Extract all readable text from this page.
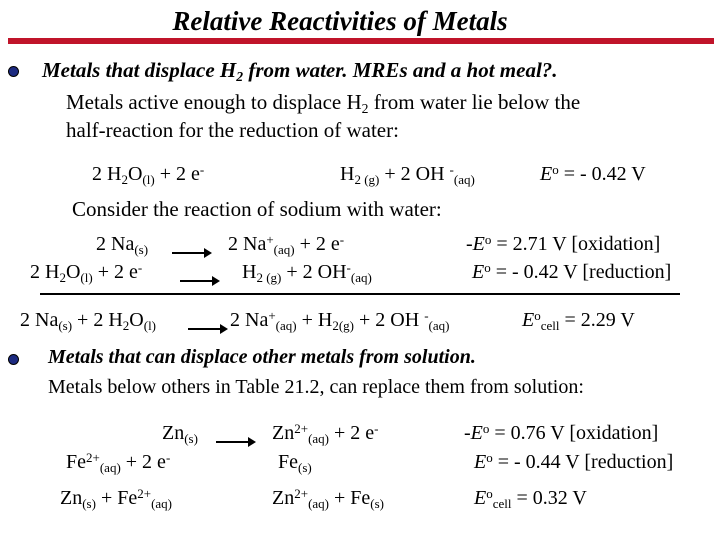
Relative Reactivities of Metals
Metals that displace $H_2$ from water. MREs and a hot meal?.
Metals active enough to displace $H_2$ from water lie below the
half-reaction for the reduction of water:
2 $H_2O_{(l)} + 2$ e-	$H_{2 (g)} + 2$ OH -$_{(aq)}$	$E^o$ = - 0.42 V
Consider the reaction of sodium with water:
2 $Na_{(s)} \to 2$ $Na^+_{(aq)} + 2$ e-	$-E^o = 2.71$ V [oxidation]
2 $H_2O_{(l)} + 2$ $e^- \to H_{2 (g)} + 2$ $OH^-_{(aq)}$	$E^o$ = - 0.42 V [reduction]
2 $Na_{(s)} + 2$ $H_2O_{(l)} \to 2$ $Na^+_{(aq)} + H_{2(g)} + 2$ OH -$_{(aq)}$	$E^o_{cell} = 2.29$ V
Metals that can displace other metals from solution.
Metals below others in Table 21.2, can replace them from solution:
$Zn_{(s)} \to Zn^{2+}_{(aq)} + 2$ e-	$-E^o = 0.76$ V [oxidation]
$Fe^{2+}_{(aq)} + 2$ e-	$Fe_{(s)}$	$E^o$ = - 0.44 V [reduction]
$Zn_{(s)} + Fe^{2+}_{(aq)}$	$Zn^{2+}_{(aq)} + Fe_{(s)}$	$E^o_{cell} = 0.32$ V
